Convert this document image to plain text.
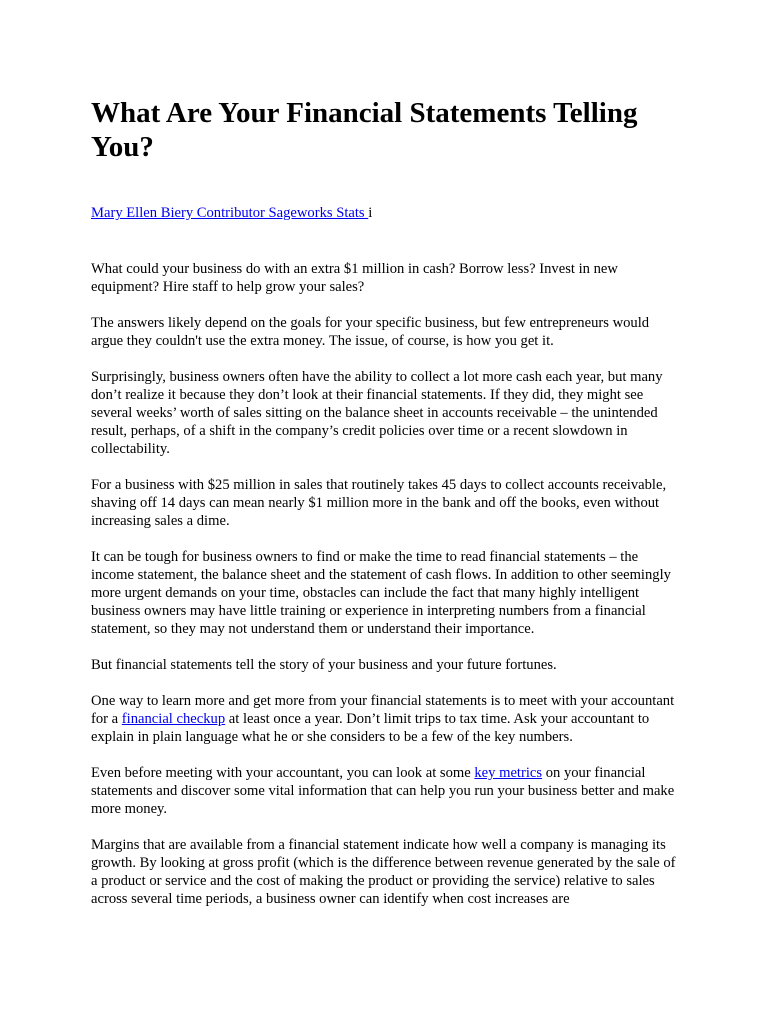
What Are Your Financial Statements Telling You?

Mary Ellen Biery Contributor Sageworks Stats i

What could your business do with an extra $1 million in cash? Borrow less? Invest in new equipment? Hire staff to help grow your sales?

The answers likely depend on the goals for your specific business, but few entrepreneurs would argue they couldn't use the extra money. The issue, of course, is how you get it.

Surprisingly, business owners often have the ability to collect a lot more cash each year, but many don’t realize it because they don’t look at their financial statements. If they did, they might see several weeks’ worth of sales sitting on the balance sheet in accounts receivable – the unintended result, perhaps, of a shift in the company’s credit policies over time or a recent slowdown in collectability.

For a business with $25 million in sales that routinely takes 45 days to collect accounts receivable, shaving off 14 days can mean nearly $1 million more in the bank and off the books, even without increasing sales a dime.

It can be tough for business owners to find or make the time to read financial statements – the income statement, the balance sheet and the statement of cash flows. In addition to other seemingly more urgent demands on your time, obstacles can include the fact that many highly intelligent business owners may have little training or experience in interpreting numbers from a financial statement, so they may not understand them or understand their importance.

But financial statements tell the story of your business and your future fortunes.

One way to learn more and get more from your financial statements is to meet with your accountant for a financial checkup at least once a year. Don’t limit trips to tax time. Ask your accountant to explain in plain language what he or she considers to be a few of the key numbers.

Even before meeting with your accountant, you can look at some key metrics on your financial statements and discover some vital information that can help you run your business better and make more money.

Margins that are available from a financial statement indicate how well a company is managing its growth. By looking at gross profit (which is the difference between revenue generated by the sale of a product or service and the cost of making the product or providing the service) relative to sales across several time periods, a business owner can identify when cost increases are
